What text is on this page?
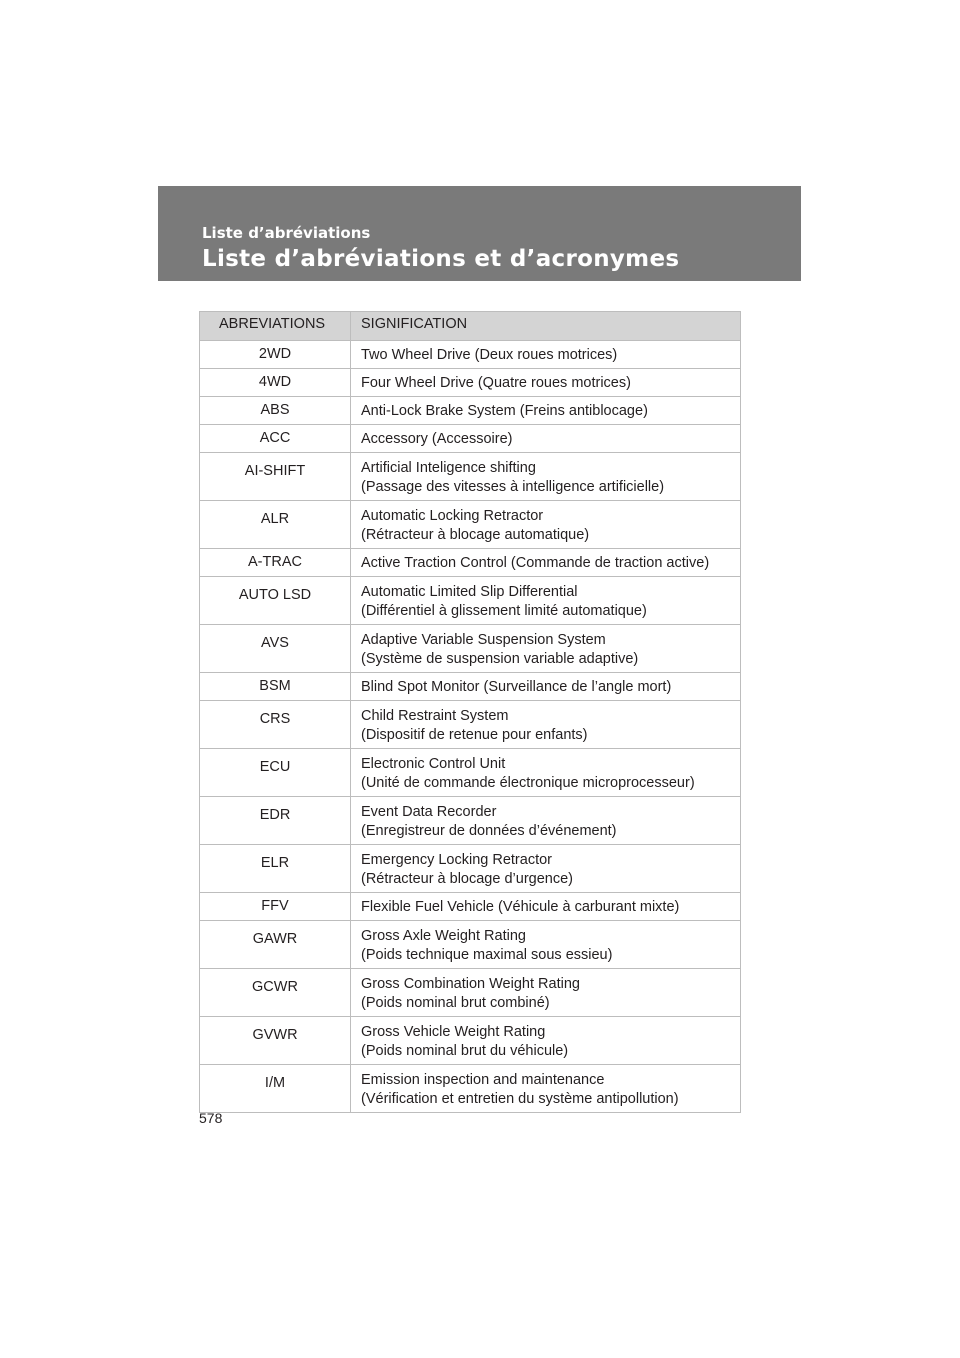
Liste d’abréviations
Liste d’abréviations et d’acronymes
ABREVIATIONS	SIGNIFICATION

2WD	Two Wheel Drive (Deux roues motrices)

4WD	Four Wheel Drive (Quatre roues motrices)

ABS	Anti-Lock Brake System (Freins antiblocage)

ACC	Accessory (Accessoire)

AI-SHIFT	Artificial Inteligence shifting
(Passage des vitesses à intelligence artificielle)

ALR	Automatic Locking Retractor
(Rétracteur à blocage automatique)

A-TRAC	Active Traction Control (Commande de traction active)

AUTO LSD	Automatic Limited Slip Differential
(Différentiel à glissement limité automatique)

AVS	Adaptive Variable Suspension System
(Système de suspension variable adaptive)

BSM	Blind Spot Monitor (Surveillance de l’angle mort)

CRS	Child Restraint System
(Dispositif de retenue pour enfants)

ECU	Electronic Control Unit
(Unité de commande électronique microprocesseur)

EDR	Event Data Recorder
(Enregistreur de données d’événement)

ELR	Emergency Locking Retractor
(Rétracteur à blocage d’urgence)

FFV	Flexible Fuel Vehicle (Véhicule à carburant mixte)

GAWR	Gross Axle Weight Rating
(Poids technique maximal sous essieu)

GCWR	Gross Combination Weight Rating
(Poids nominal brut combiné)

GVWR	Gross Vehicle Weight Rating
(Poids nominal brut du véhicule)

I/M	Emission inspection and maintenance
(Vérification et entretien du système antipollution)
578
